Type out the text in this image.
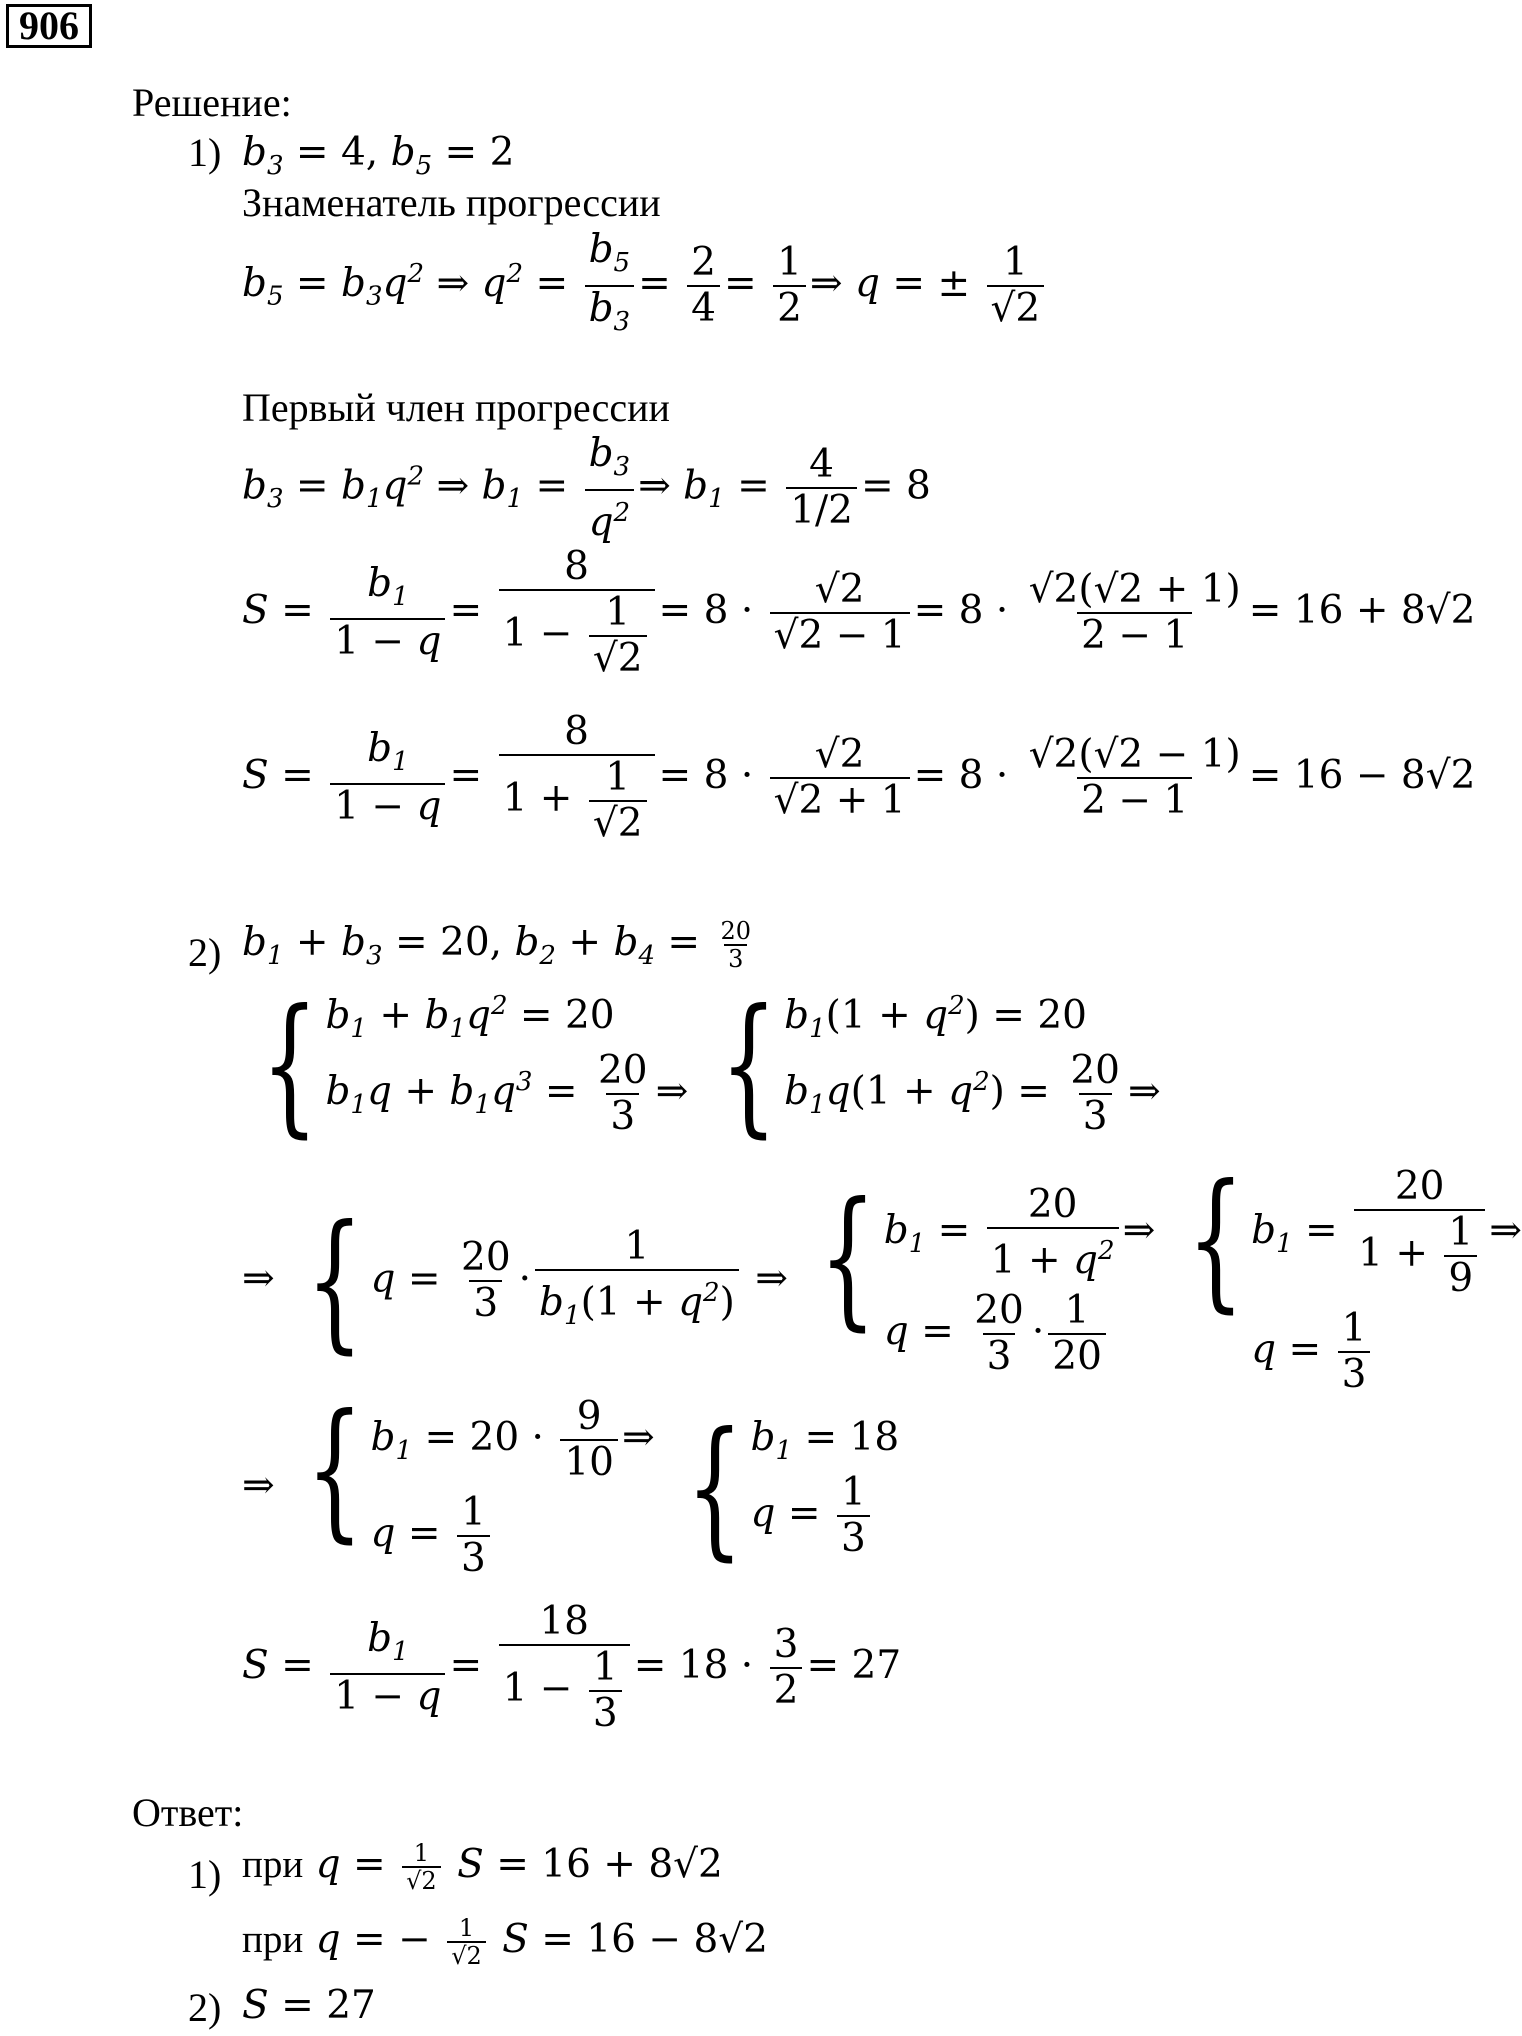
906
Решение:
1) $b_3 = 4$, $b_5 = 2$
Знаменатель прогрессии
$b_5 = b_3q^2$ ⇒ $q^2 = \frac{b_5}{b_3} = \frac{2}{4} = \frac{1}{2}$ ⇒ q = ± $\frac{1}{√2}$
Первый член прогрессии
$b_3 = b_1q^2$ ⇒ $b_1 = \frac{b_3}{q^2}$ ⇒ $b_1 = \frac{4}{1/2} = 8$
$S = \frac{b_1}{1 - q} = \frac{8}{1 - \frac{1}{√2}} = 8 \cdot \frac{√2}{√2 - 1} = 8 \cdot \frac{√2(√2 + 1)}{2 - 1} = 16 + 8√2$
$S = \frac{b_1}{1 - q} = \frac{8}{1 + \frac{1}{√2}} = 8 \cdot \frac{√2}{√2 + 1} = 8 \cdot \frac{√2(√2 - 1)}{2 - 1} = 16 - 8√2$
2) $b_1 + b_3 = 20$, $b_2 + b_4 = \frac{20}{3}$
{ $b_1 + b_1q^2 = 20$
$b_1q + b_1q^3 = \frac{20}{3}$ ⇒
{ $b_1(1 + q^2) = 20$
$b_1q(1 + q^2) = \frac{20}{3}$ ⇒
⇒ { $q = \frac{20}{3} \cdot \frac{1}{b_1(1 + q^2)}$ ⇒ { $b_1 = \frac{20}{1 + q^2}$ ⇒
$q = \frac{20}{3} \cdot \frac{1}{20}$

{ $b_1 = \frac{20}{1 + \frac{1}{9}}$ ⇒
$q = \frac{1}{3}$
⇒ { $b_1 = 20 \cdot \frac{9}{10}$ ⇒
$q = \frac{1}{3}$
{ $b_1 = 18$
$q = \frac{1}{3}$
$S = \frac{b_1}{1 - q} = \frac{18}{1 - \frac{1}{3}} = 18 \cdot \frac{3}{2} = 27$
Ответ:
1) при $q = \frac{1}{√2}$ S = 16 + 8√2
при q = − $\frac{1}{√2}$ S = 16 − 8√2
2) S = 27
